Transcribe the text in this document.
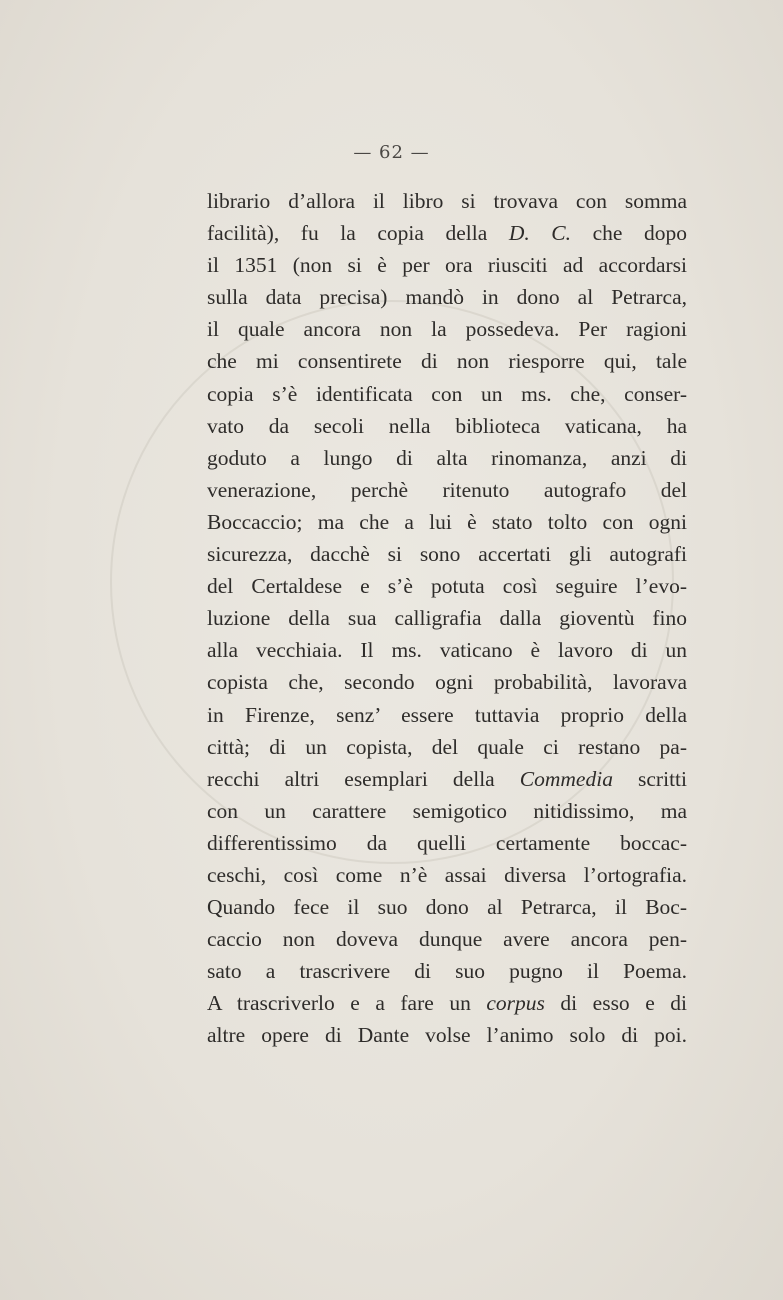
— 62 —
librario d’allora il libro si trovava con somma
facilità), fu la copia della D. C. che dopo
il 1351 (non si è per ora riusciti ad accordarsi
sulla data precisa) mandò in dono al Petrarca,
il quale ancora non la possedeva. Per ragioni
che mi consentirete di non riesporre qui, tale
copia s’è identificata con un ms. che, conser-
vato da secoli nella biblioteca vaticana, ha
goduto a lungo di alta rinomanza, anzi di
venerazione, perchè ritenuto autografo del
Boccaccio; ma che a lui è stato tolto con ogni
sicurezza, dacchè si sono accertati gli autografi
del Certaldese e s’è potuta così seguire l’evo-
luzione della sua calligrafia dalla gioventù fino
alla vecchiaia. Il ms. vaticano è lavoro di un
copista che, secondo ogni probabilità, lavorava
in Firenze, senz’ essere tuttavia proprio della
città; di un copista, del quale ci restano pa-
recchi altri esemplari della Commedia scritti
con un carattere semigotico nitidissimo, ma
differentissimo da quelli certamente boccac-
ceschi, così come n’è assai diversa l’ortografia.
Quando fece il suo dono al Petrarca, il Boc-
caccio non doveva dunque avere ancora pen-
sato a trascrivere di suo pugno il Poema.
A trascriverlo e a fare un corpus di esso e di
altre opere di Dante volse l’animo solo di poi.
